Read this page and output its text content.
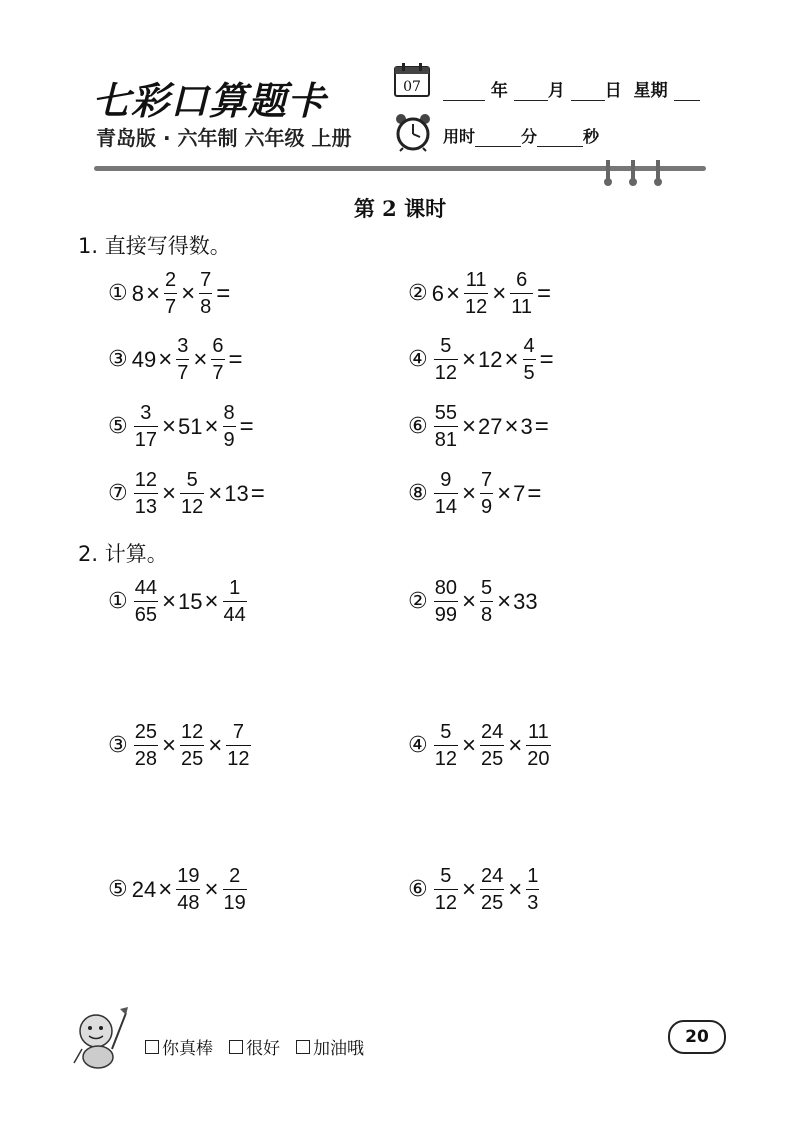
七彩口算题卡
青岛版 · 六年制 六年级 上册
07	年 月 日 星期
用时	分	秒
第 2 课时
1. 直接写得数。
① $8 \times \frac{2}{7} \times \frac{7}{8}$ =	② $6 \times \frac{11}{12} \times \frac{6}{11}$ =
③ $49 \times \frac{3}{7} \times \frac{6}{7}$ =	④ $\frac{5}{12} \times 12 \times \frac{4}{5}$ =
⑤ $\frac{3}{17} \times 51 \times \frac{8}{9}$ =	⑥ $\frac{55}{81} \times 27 \times 3$ =
⑦ $\frac{12}{13} \times \frac{5}{12} \times 13$ =	⑧ $\frac{9}{14} \times \frac{7}{9} \times 7$ =
2. 计算。
① $\frac{44}{65} \times 15 \times \frac{1}{44}$	② $\frac{80}{99} \times \frac{5}{8} \times 33$
③ $\frac{25}{28} \times \frac{12}{25} \times \frac{7}{12}$	④ $\frac{5}{12} \times \frac{24}{25} \times \frac{11}{20}$
⑤ $24 \times \frac{19}{48} \times \frac{2}{19}$	⑥ $\frac{5}{12} \times \frac{24}{25} \times \frac{1}{3}$
你真棒 很好 加油哦
20
